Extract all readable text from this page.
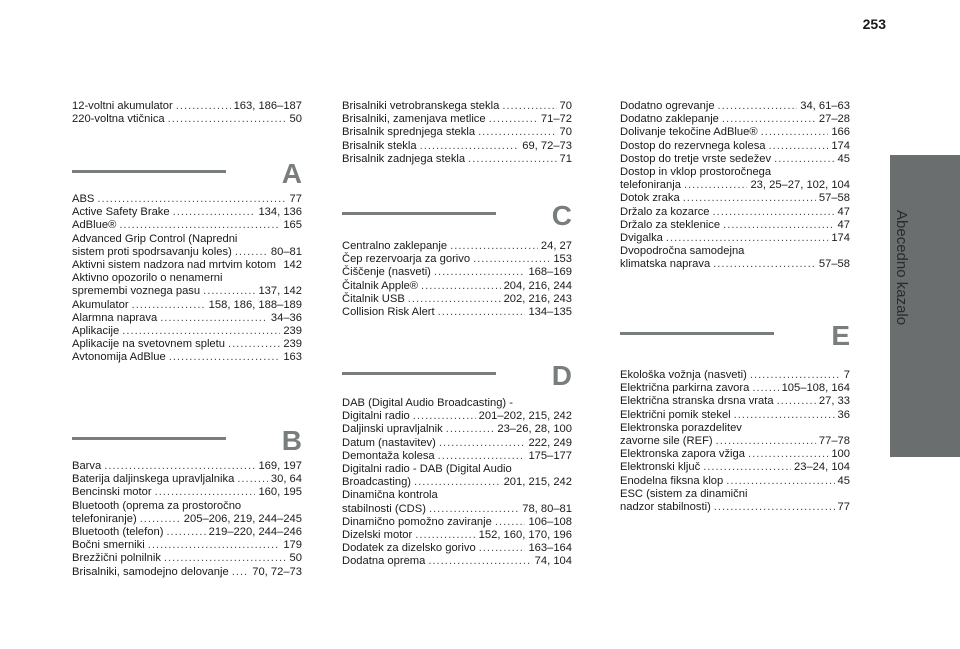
253
Abecedno kazalo
12-voltni akumulator .....	163, 186–187
220-voltna vtičnica .....	50
A
ABS .....	77
Active Safety Brake .....	134, 136
AdBlue® .....	165
Advanced Grip Control (Napredni
sistem proti spodrsavanju koles) .....	80–81
Aktivni sistem nadzora nad mrtvim kotom ..... 142
Aktivno opozorilo o nenamerni
spremembi voznega pasu .....	137, 142
Akumulator .....	158, 186, 188–189
Alarmna naprava .....	34–36
Aplikacije .....	239
Aplikacije na svetovnem spletu .....	239
Avtonomija AdBlue .....	163
B
Barva .....	169, 197
Baterija daljinskega upravljalnika .....	30, 64
Bencinski motor .....	160, 195
Bluetooth (oprema za prostoročno
telefoniranje) .....	205–206, 219, 244–245
Bluetooth (telefon) .....	219–220, 244–246
Bočni smerniki .....	179
Brezžični polnilnik .....	50
Brisalniki, samodejno delovanje ..... 70, 72–73
Brisalniki vetrobranskega stekla .....	70
Brisalniki, zamenjava metlice .....	71–72
Brisalnik sprednjega stekla .....	70
Brisalnik stekla .....	69, 72–73
Brisalnik zadnjega stekla .....	71
C
Centralno zaklepanje .....	24, 27
Čep rezervoarja za gorivo .....	153
Čiščenje (nasveti) .....	168–169
Čitalnik Apple® .....	204, 216, 244
Čitalnik USB .....	202, 216, 243
Collision Risk Alert .....	134–135
D
DAB (Digital Audio Broadcasting) -
Digitalni radio .....	201–202, 215, 242
Daljinski upravljalnik .....	23–26, 28, 100
Datum (nastavitev) .....	222, 249
Demontaža kolesa .....	175–177
Digitalni radio - DAB (Digital Audio
Broadcasting) .....	201, 215, 242
Dinamična kontrola
stabilnosti (CDS) .....	78, 80–81
Dinamično pomožno zaviranje .....	106–108
Dizelski motor .....	152, 160, 170, 196
Dodatek za dizelsko gorivo .....	163–164
Dodatna oprema .....	74, 104
Dodatno ogrevanje .....	34, 61–63
Dodatno zaklepanje .....	27–28
Dolivanje tekočine AdBlue® .....	166
Dostop do rezervnega kolesa .....	174
Dostop do tretje vrste sedežev .....	45
Dostop in vklop prostoročnega
telefoniranja .....	23, 25–27, 102, 104
Dotok zraka .....	57–58
Držalo za kozarce .....	47
Držalo za steklenice .....	47
Dvigalka .....	174
Dvopodročna samodejna
klimatska naprava .....	57–58
E
Ekološka vožnja (nasveti) .....	7
Električna parkirna zavora .....	105–108, 164
Električna stranska drsna vrata .....	27, 33
Električni pomik stekel .....	36
Elektronska porazdelitev
zavorne sile (REF) .....	77–78
Elektronska zapora vžiga .....	100
Elektronski ključ .....	23–24, 104
Enodelna fiksna klop .....	45
ESC (sistem za dinamični
nadzor stabilnosti) .....	77
